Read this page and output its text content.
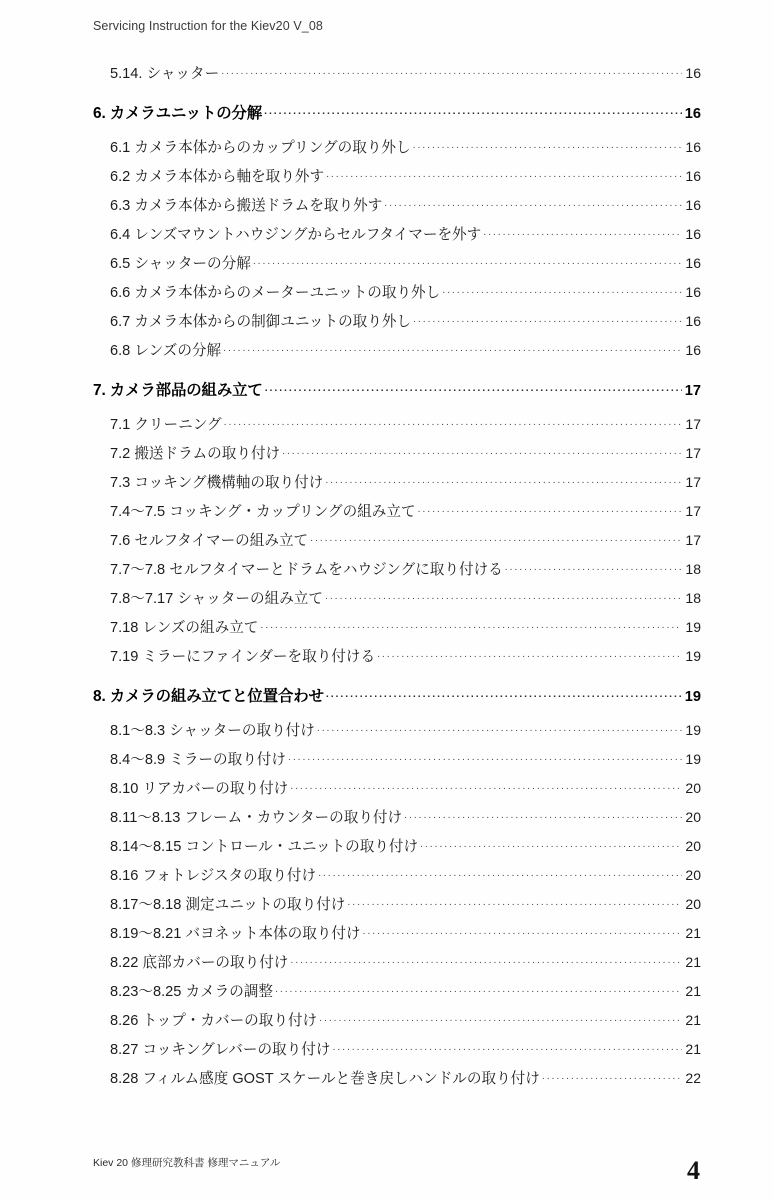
Servicing Instruction for the Kiev20 V_08
5.14. シャッター . . .	16
6. カメラユニットの分解 . . .	16
6.1 カメラ本体からのカップリングの取り外し . . .	16
6.2 カメラ本体から軸を取り外す . . .	16
6.3 カメラ本体から搬送ドラムを取り外す . . .	16
6.4 レンズマウントハウジングからセルフタイマーを外す . . .	16
6.5 シャッターの分解 . . .	16
6.6 カメラ本体からのメーターユニットの取り外し . . .	16
6.7 カメラ本体からの制御ユニットの取り外し . . .	16
6.8 レンズの分解 . . .	16
7. カメラ部品の組み立て . . .	17
7.1 クリーニング . . .	17
7.2 搬送ドラムの取り付け . . .	17
7.3 コッキング機構軸の取り付け . . .	17
7.4〜7.5 コッキング・カップリングの組み立て . . .	17
7.6 セルフタイマーの組み立て . . .	17
7.7〜7.8 セルフタイマーとドラムをハウジングに取り付ける . . .	18
7.8〜7.17 シャッターの組み立て . . .	18
7.18 レンズの組み立て . . .	19
7.19 ミラーにファインダーを取り付ける . . .	19
8. カメラの組み立てと位置合わせ . . .	19
8.1〜8.3 シャッターの取り付け . . .	19
8.4〜8.9 ミラーの取り付け . . .	19
8.10 リアカバーの取り付け . . .	20
8.11〜8.13 フレーム・カウンターの取り付け . . .	20
8.14〜8.15 コントロール・ユニットの取り付け . . .	20
8.16 フォトレジスタの取り付け . . .	20
8.17〜8.18 測定ユニットの取り付け . . .	20
8.19〜8.21 バヨネット本体の取り付け . . .	21
8.22 底部カバーの取り付け . . .	21
8.23〜8.25 カメラの調整 . . .	21
8.26 トップ・カバーの取り付け . . .	21
8.27 コッキングレバーの取り付け . . .	21
8.28 フィルム感度 GOST スケールと巻き戻しハンドルの取り付け . . .	22
Kiev 20 修理研究教科書 修理マニュアル	4
